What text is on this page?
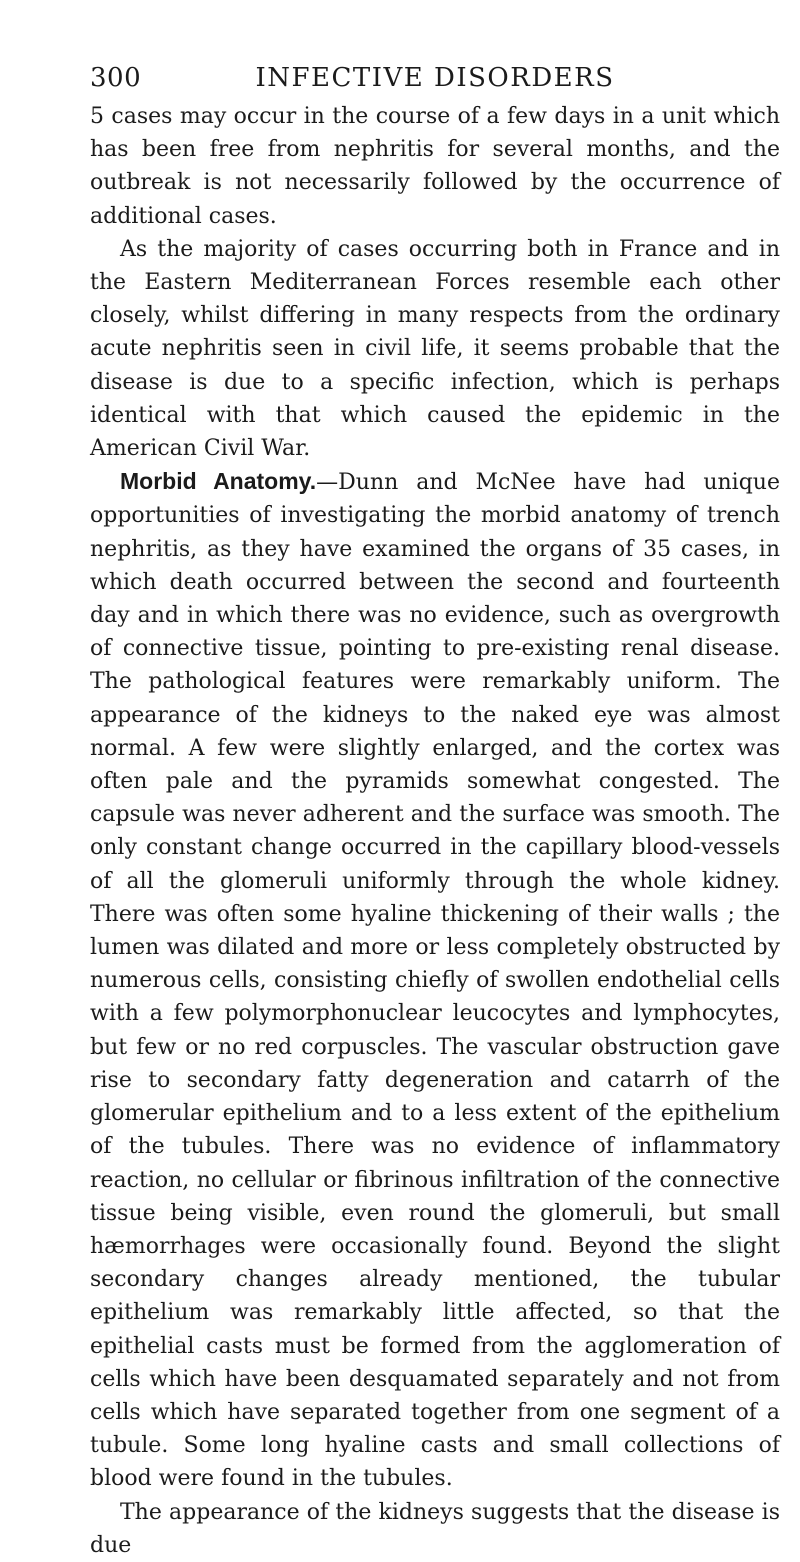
300	INFECTIVE DISORDERS

5 cases may occur in the course of a few days in a unit which has been free from nephritis for several months, and the outbreak is not necessarily followed by the occurrence of additional cases.

As the majority of cases occurring both in France and in the Eastern Mediterranean Forces resemble each other closely, whilst differing in many respects from the ordinary acute nephritis seen in civil life, it seems probable that the disease is due to a specific infection, which is perhaps identical with that which caused the epidemic in the American Civil War.

Morbid Anatomy.—Dunn and McNee have had unique opportunities of investigating the morbid anatomy of trench nephritis, as they have examined the organs of 35 cases, in which death occurred between the second and fourteenth day and in which there was no evidence, such as overgrowth of connective tissue, pointing to pre-existing renal disease. The pathological features were remarkably uniform. The appearance of the kidneys to the naked eye was almost normal. A few were slightly enlarged, and the cortex was often pale and the pyramids somewhat congested. The capsule was never adherent and the surface was smooth. The only constant change occurred in the capillary blood-vessels of all the glomeruli uniformly through the whole kidney. There was often some hyaline thickening of their walls ; the lumen was dilated and more or less completely obstructed by numerous cells, consisting chiefly of swollen endothelial cells with a few polymorphonuclear leucocytes and lymphocytes, but few or no red corpuscles. The vascular obstruction gave rise to secondary fatty degeneration and catarrh of the glomerular epithelium and to a less extent of the epithelium of the tubules. There was no evidence of inflammatory reaction, no cellular or fibrinous infiltration of the connective tissue being visible, even round the glomeruli, but small hæmorrhages were occasionally found. Beyond the slight secondary changes already mentioned, the tubular epithelium was remarkably little affected, so that the epithelial casts must be formed from the agglomeration of cells which have been desquamated separately and not from cells which have separated together from one segment of a tubule. Some long hyaline casts and small collections of blood were found in the tubules.

The appearance of the kidneys suggests that the disease is due
